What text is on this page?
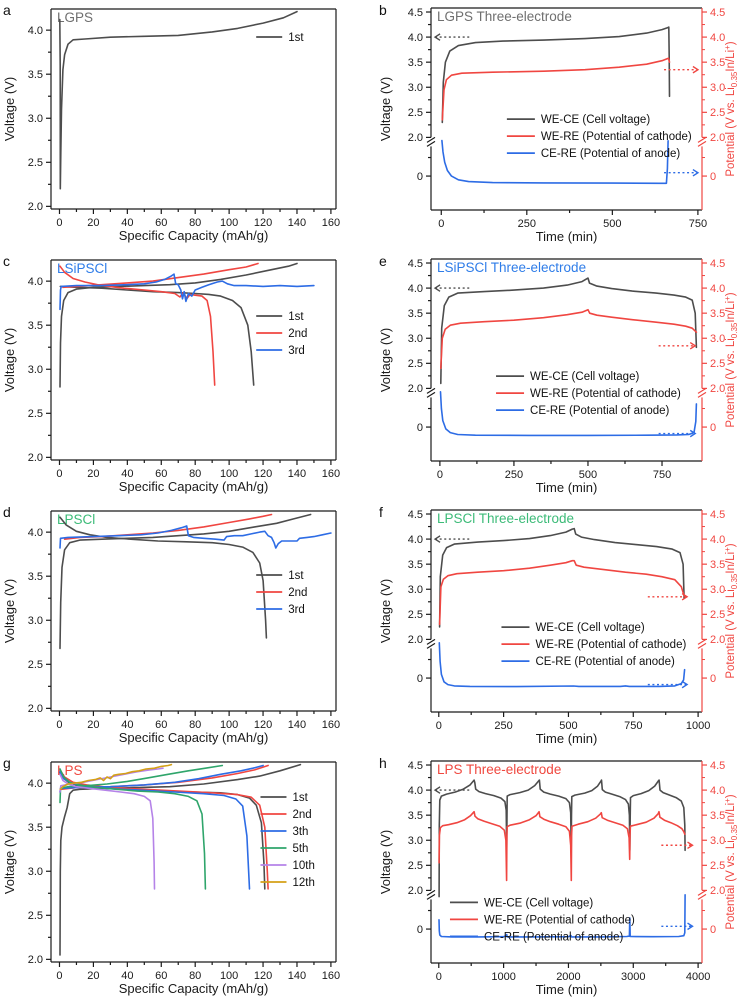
a
4.0
3.5
3.0
2.5
2.0
0 20 40 60 80 100 120 140 160
Specific Capacity (mAh/g)
Voltage (V)
LGPS
1st
b 4.5	4.5
4.0	4.0
3.5	3.5
3.0	3.0
2.5	2.5
2.0	2.0
0	0
0	250	500	750
Time (min)
Voltage (V)	Potential (V vs. $Li_{0.35}In/Li^+$)
LGPS Three-electrode
WE-CE (Cell voltage)
WE-RE (Potential of cathode)
CE-RE (Potential of anode)
c
4.0
3.5
3.0
2.5
2.0
0 20 40 60 80 100 120 140 160
Specific Capacity (mAh/g)
Voltage (V)
LSiPSCl
1st
2nd
3rd
e 4.5	4.5
4.0	4.0
3.5	3.5
3.0	3.0
2.5	2.5
2.0	2.0
0	0
0	250	500	750
Time (min)
Voltage (V)	Potential (V vs. $Li_{0.35}In/Li^+$)
LSiPSCl Three-electrode
WE-CE (Cell voltage)
WE-RE (Potential of cathode)
CE-RE (Potential of anode)
d
4.0
3.5
3.0
2.5
2.0
0 20 40 60 80 100 120 140 160
Specific Capacity (mAh/g)
Voltage (V)
LPSCl
1st
2nd
3rd
f 4.5	4.5
4.0	4.0
3.5	3.5
3.0	3.0
2.5	2.5
2.0	2.0
0	0
0	250	500	750	1000
Time (min)
Voltage (V)	Potential (V vs. $Li_{0.35}In/Li^+$)
LPSCl Three-electrode
WE-CE (Cell voltage)
WE-RE (Potential of cathode)
CE-RE (Potential of anode)
g
4.0
3.5
3.0
2.5
2.0
0 20 40 60 80 100 120 140 160
Specific Capacity (mAh/g)
Voltage (V)
LPS
1st
2nd
3th
5th
10th
12th
h 4.5	4.5
4.0	4.0
3.5	3.5
3.0	3.0
2.5	2.5
2.0	2.0
0	0
0	1000	2000	3000	4000
Time (min)
Voltage (V)	Potential (V vs. $Li_{0.35}In/Li^+$)
LPS Three-electrode
WE-CE (Cell voltage)
WE-RE (Potential of cathode)
CE-RE (Potential of anode)
